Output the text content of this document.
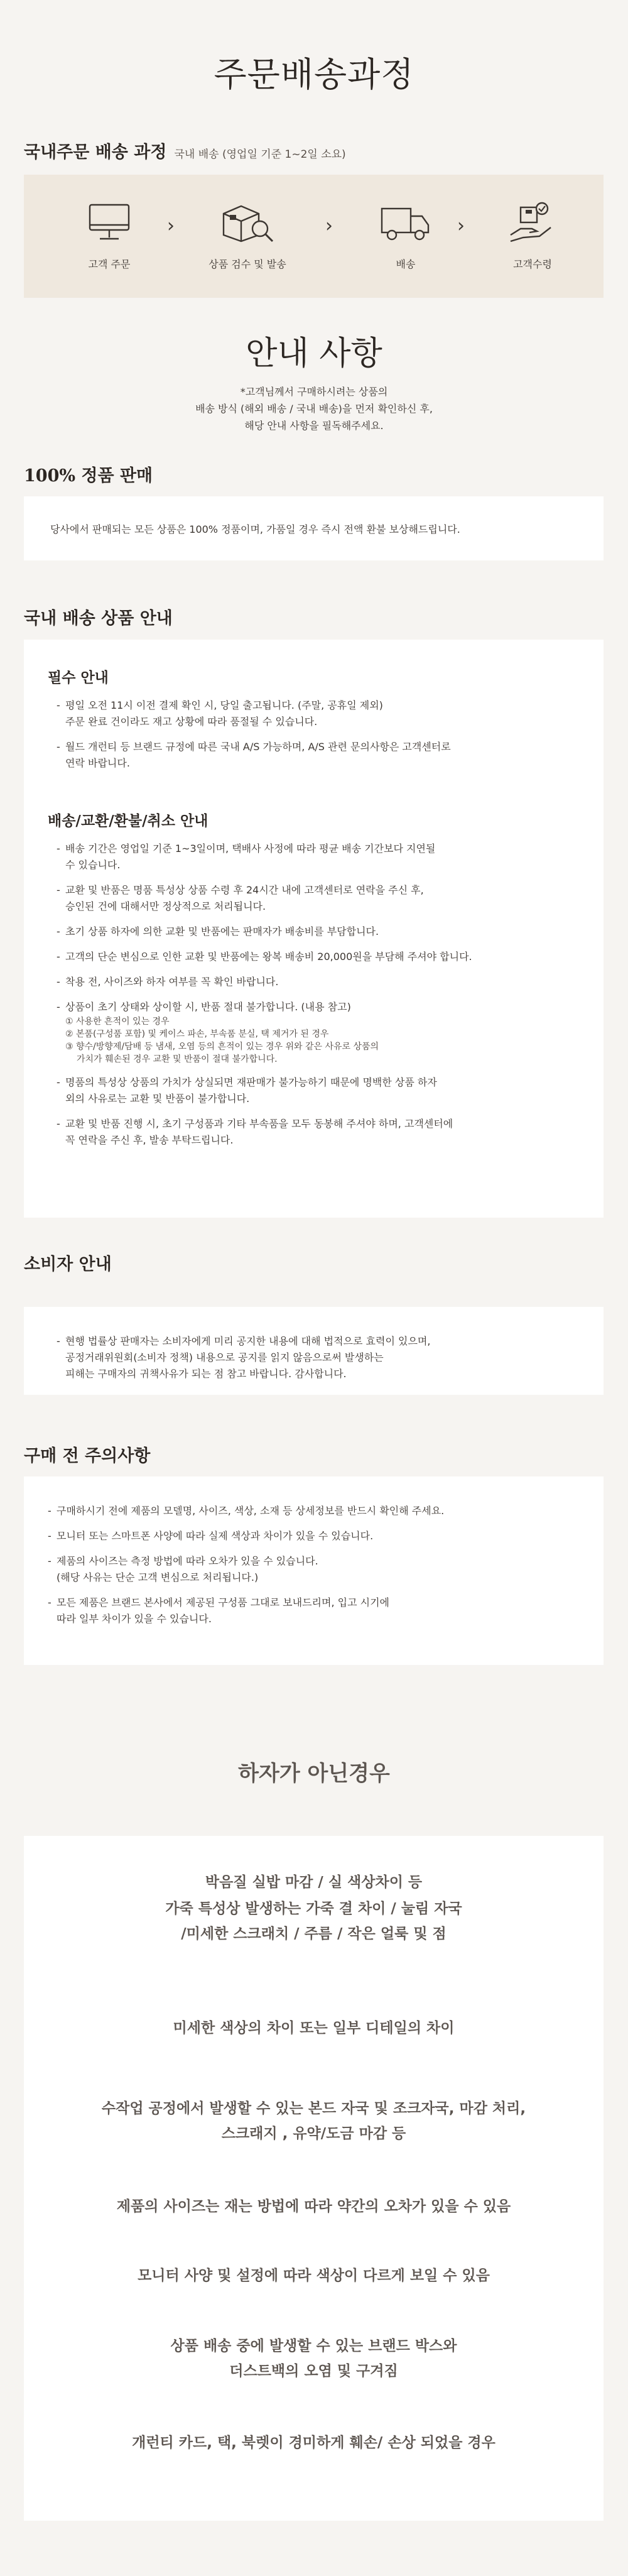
주문배송과정
국내주문 배송 과정 국내 배송 (영업일 기준 1~2일 소요)
고객 주문
›
상품 검수 및 발송
›
배송
›
고객수령
안내 사항
*고객님께서 구매하시려는 상품의
배송 방식 (해외 배송 / 국내 배송)을 먼저 확인하신 후,
해당 안내 사항을 필독해주세요.
100% 정품 판매

당사에서 판매되는 모든 상품은 100% 정품이며, 가품일 경우 즉시 전액 환불 보상해드립니다.

국내 배송 상품 안내
필수 안내
- 평일 오전 11시 이전 결제 확인 시, 당일 출고됩니다. (주말, 공휴일 제외)
주문 완료 건이라도 재고 상황에 따라 품절될 수 있습니다.
- 월드 개런티 등 브랜드 규정에 따른 국내 A/S 가능하며, A/S 관련 문의사항은 고객센터로
연락 바랍니다.
배송/교환/환불/취소 안내
- 배송 기간은 영업일 기준 1~3일이며, 택배사 사정에 따라 평균 배송 기간보다 지연될
수 있습니다.
- 교환 및 반품은 명품 특성상 상품 수령 후 24시간 내에 고객센터로 연락을 주신 후,
승인된 건에 대해서만 정상적으로 처리됩니다.
- 초기 상품 하자에 의한 교환 및 반품에는 판매자가 배송비를 부담합니다.
- 고객의 단순 변심으로 인한 교환 및 반품에는 왕복 배송비 20,000원을 부담해 주셔야 합니다.
- 착용 전, 사이즈와 하자 여부를 꼭 확인 바랍니다.
- 상품이 초기 상태와 상이할 시, 반품 절대 불가합니다. (내용 참고)
① 사용한 흔적이 있는 경우
② 본품(구성품 포함) 및 케이스 파손, 부속품 분실, 택 제거가 된 경우
③ 향수/방향제/담배 등 냄새, 오염 등의 흔적이 있는 경우 위와 같은 사유로 상품의
가치가 훼손된 경우 교환 및 반품이 절대 불가합니다.
- 명품의 특성상 상품의 가치가 상실되면 재판매가 불가능하기 때문에 명백한 상품 하자
외의 사유로는 교환 및 반품이 불가합니다.
- 교환 및 반품 진행 시, 초기 구성품과 기타 부속품을 모두 동봉해 주셔야 하며, 고객센터에
꼭 연락을 주신 후, 발송 부탁드립니다.
소비자 안내
- 현행 법률상 판매자는 소비자에게 미리 공지한 내용에 대해 법적으로 효력이 있으며,
공정거래위원회(소비자 정책) 내용으로 공지를 읽지 않음으로써 발생하는
피해는 구매자의 귀책사유가 되는 점 참고 바랍니다. 감사합니다.
구매 전 주의사항
- 구매하시기 전에 제품의 모델명, 사이즈, 색상, 소재 등 상세정보를 반드시 확인해 주세요.
- 모니터 또는 스마트폰 사양에 따라 실제 색상과 차이가 있을 수 있습니다.
- 제품의 사이즈는 측정 방법에 따라 오차가 있을 수 있습니다.
(해당 사유는 단순 고객 변심으로 처리됩니다.)
- 모든 제품은 브랜드 본사에서 제공된 구성품 그대로 보내드리며, 입고 시기에
따라 일부 차이가 있을 수 있습니다.
하자가 아닌경우
박음질 실밥 마감 / 실 색상차이 등
가죽 특성상 발생하는 가죽 결 차이 / 눌림 자국
/미세한 스크래치 / 주름 / 작은 얼룩 및 점
미세한 색상의 차이 또는 일부 디테일의 차이
수작업 공정에서 발생할 수 있는 본드 자국 및 조크자국, 마감 처리,
스크래지 , 유약/도금 마감 등
제품의 사이즈는 재는 방법에 따라 약간의 오차가 있을 수 있음
모니터 사양 및 설정에 따라 색상이 다르게 보일 수 있음
상품 배송 중에 발생할 수 있는 브랜드 박스와
더스트백의 오염 및 구겨짐
개런티 카드, 택, 북렛이 경미하게 훼손/ 손상 되었을 경우
